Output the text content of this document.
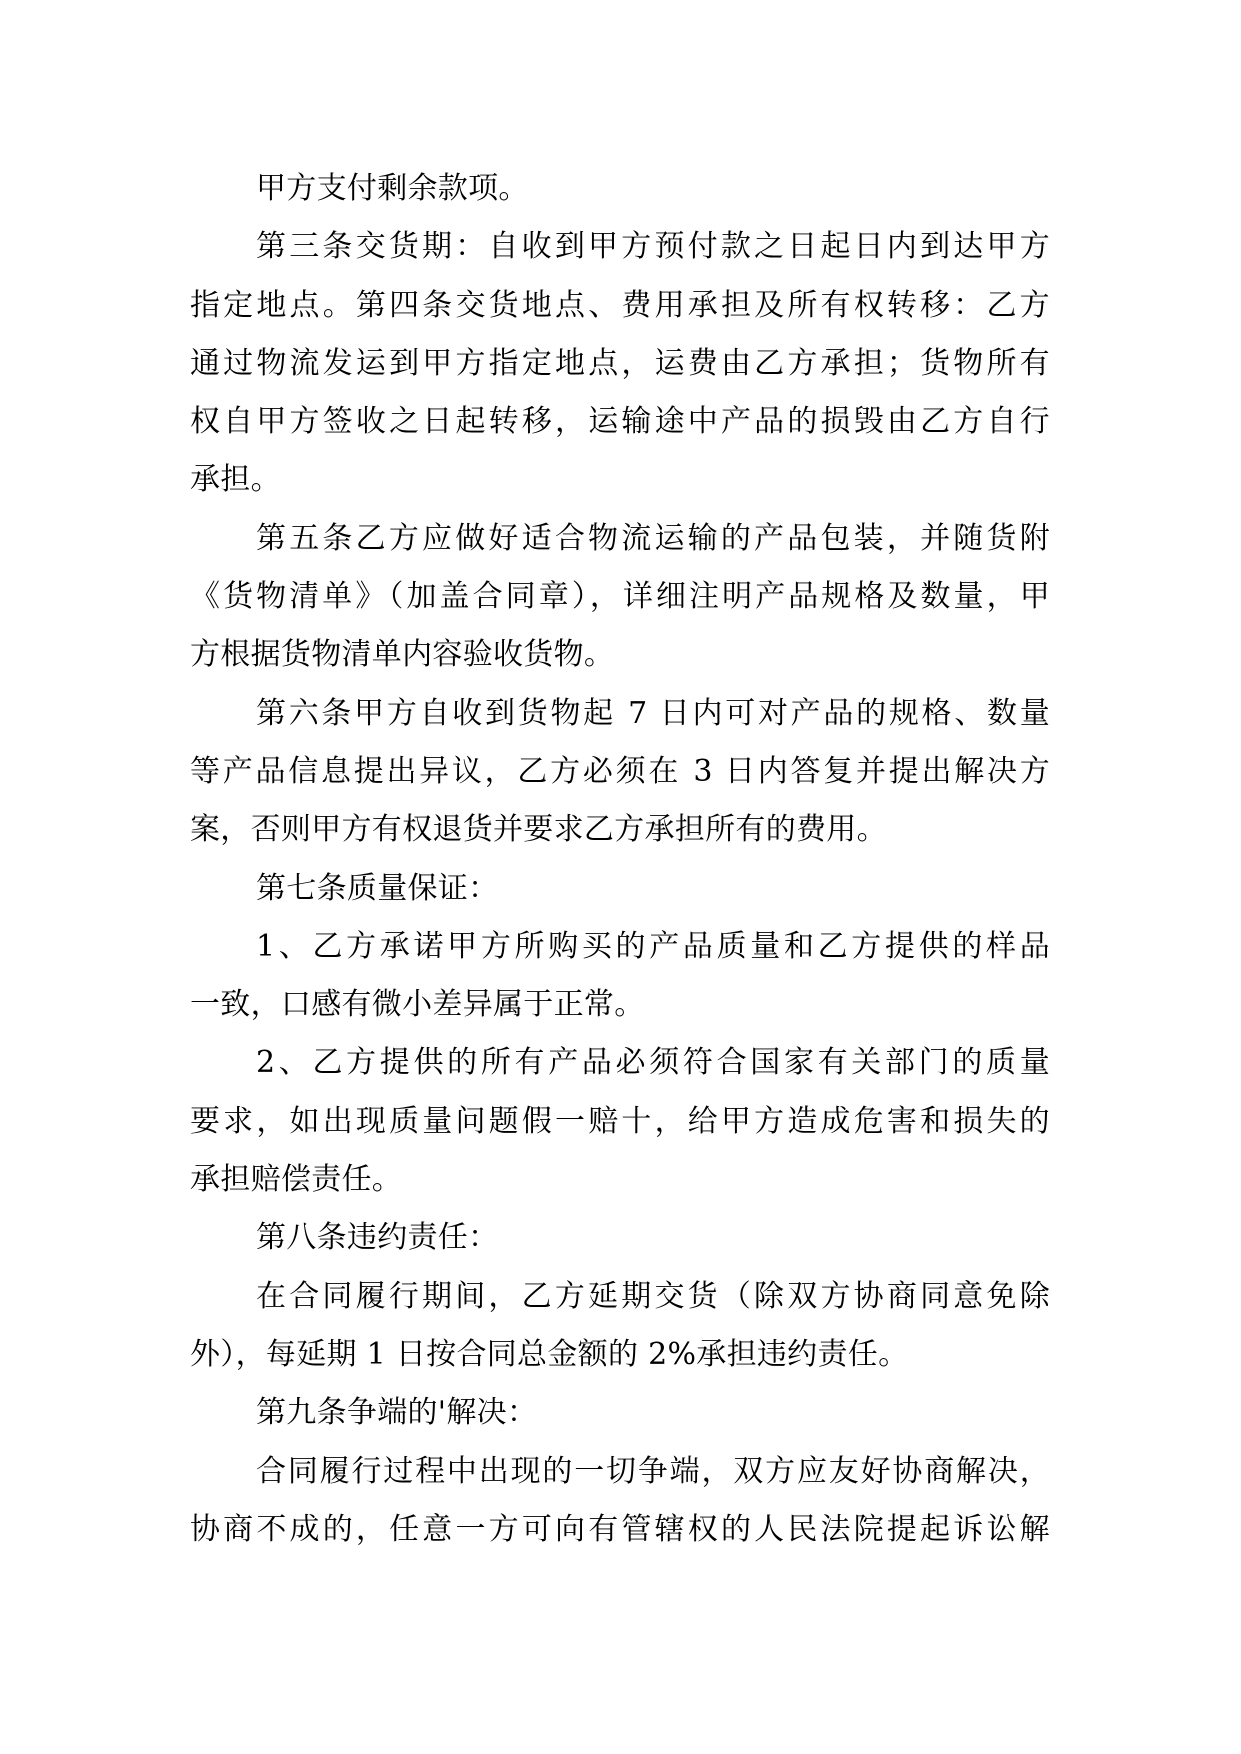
甲方支付剩余款项。
第三条交货期：自收到甲方预付款之日起日内到达甲方
指定地点。第四条交货地点、费用承担及所有权转移：乙方
通过物流发运到甲方指定地点，运费由乙方承担；货物所有
权自甲方签收之日起转移，运输途中产品的损毁由乙方自行
承担。
第五条乙方应做好适合物流运输的产品包装，并随货附
《货物清单》（加盖合同章），详细注明产品规格及数量，甲
方根据货物清单内容验收货物。
第六条甲方自收到货物起 7 日内可对产品的规格、数量
等产品信息提出异议，乙方必须在 3 日内答复并提出解决方
案，否则甲方有权退货并要求乙方承担所有的费用。
第七条质量保证：
1、乙方承诺甲方所购买的产品质量和乙方提供的样品
一致，口感有微小差异属于正常。
2、乙方提供的所有产品必须符合国家有关部门的质量
要求，如出现质量问题假一赔十，给甲方造成危害和损失的
承担赔偿责任。
第八条违约责任：
在合同履行期间，乙方延期交货（除双方协商同意免除
外），每延期 1 日按合同总金额的 2%承担违约责任。
第九条争端的'解决：
合同履行过程中出现的一切争端，双方应友好协商解决，
协商不成的，任意一方可向有管辖权的人民法院提起诉讼解
